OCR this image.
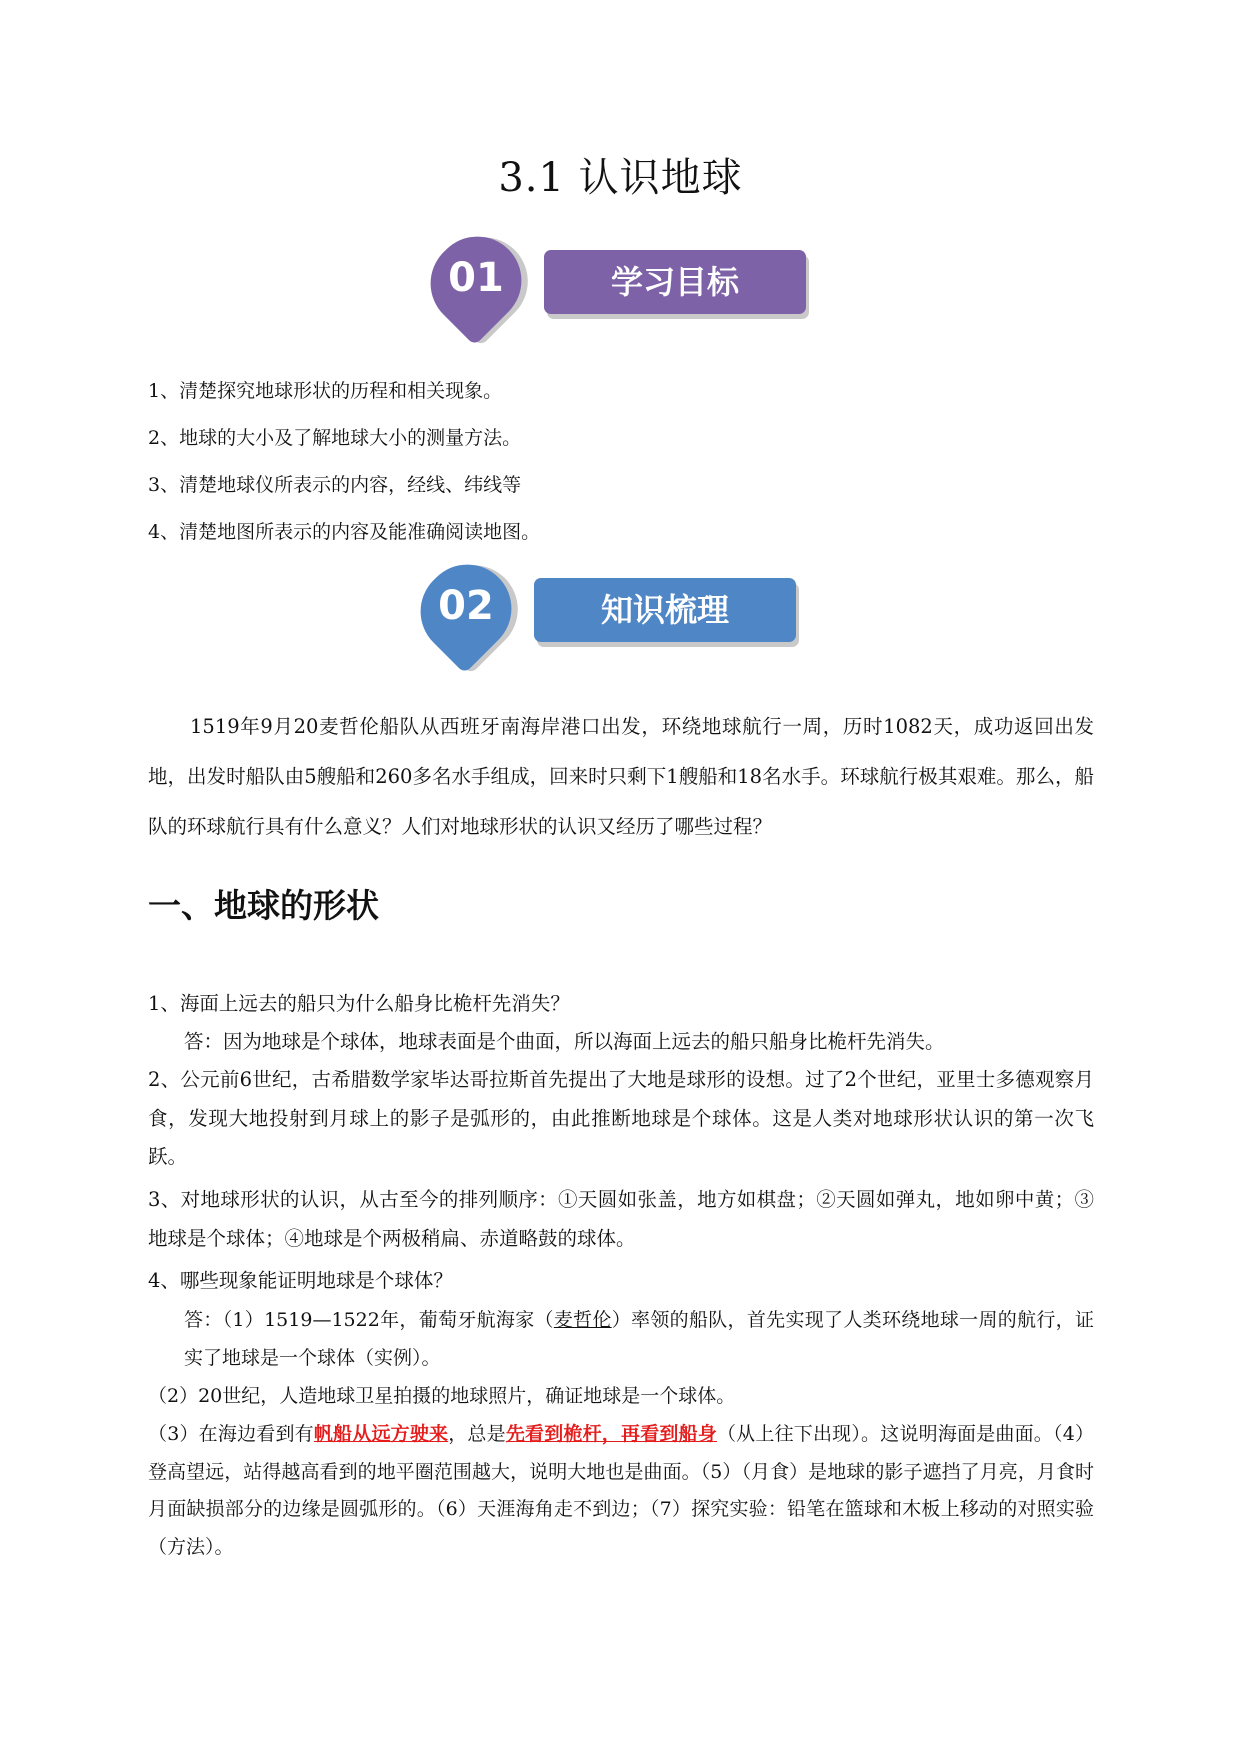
3.1 认识地球
01	学习目标
1、清楚探究地球形状的历程和相关现象。
2、地球的大小及了解地球大小的测量方法。
3、清楚地球仪所表示的内容，经线、纬线等
4、清楚地图所表示的内容及能准确阅读地图。
02	知识梳理
1519年9月20麦哲伦船队从西班牙南海岸港口出发，环绕地球航行一周，历时1082天，成功返回出发地，出发时船队由5艘船和260多名水手组成，回来时只剩下1艘船和18名水手。环球航行极其艰难。那么，船队的环球航行具有什么意义？人们对地球形状的认识又经历了哪些过程？
一、地球的形状
1、海面上远去的船只为什么船身比桅杆先消失？
答：因为地球是个球体，地球表面是个曲面，所以海面上远去的船只船身比桅杆先消失。
2、公元前6世纪，古希腊数学家毕达哥拉斯首先提出了大地是球形的设想。过了2个世纪，亚里士多德观察月食，发现大地投射到月球上的影子是弧形的，由此推断地球是个球体。这是人类对地球形状认识的第一次飞跃。
3、对地球形状的认识，从古至今的排列顺序：①天圆如张盖，地方如棋盘；②天圆如弹丸，地如卵中黄；③地球是个球体；④地球是个两极稍扁、赤道略鼓的球体。
4、哪些现象能证明地球是个球体？
答：（1）1519—1522年，葡萄牙航海家（麦哲伦）率领的船队，首先实现了人类环绕地球一周的航行，证实了地球是一个球体（实例）。
（2）20世纪，人造地球卫星拍摄的地球照片，确证地球是一个球体。
（3）在海边看到有帆船从远方驶来，总是先看到桅杆，再看到船身（从上往下出现）。这说明海面是曲面。（4）登高望远，站得越高看到的地平圈范围越大，说明大地也是曲面。（5）（月食）是地球的影子遮挡了月亮，月食时月面缺损部分的边缘是圆弧形的。（6）天涯海角走不到边；（7）探究实验：铅笔在篮球和木板上移动的对照实验（方法）。
